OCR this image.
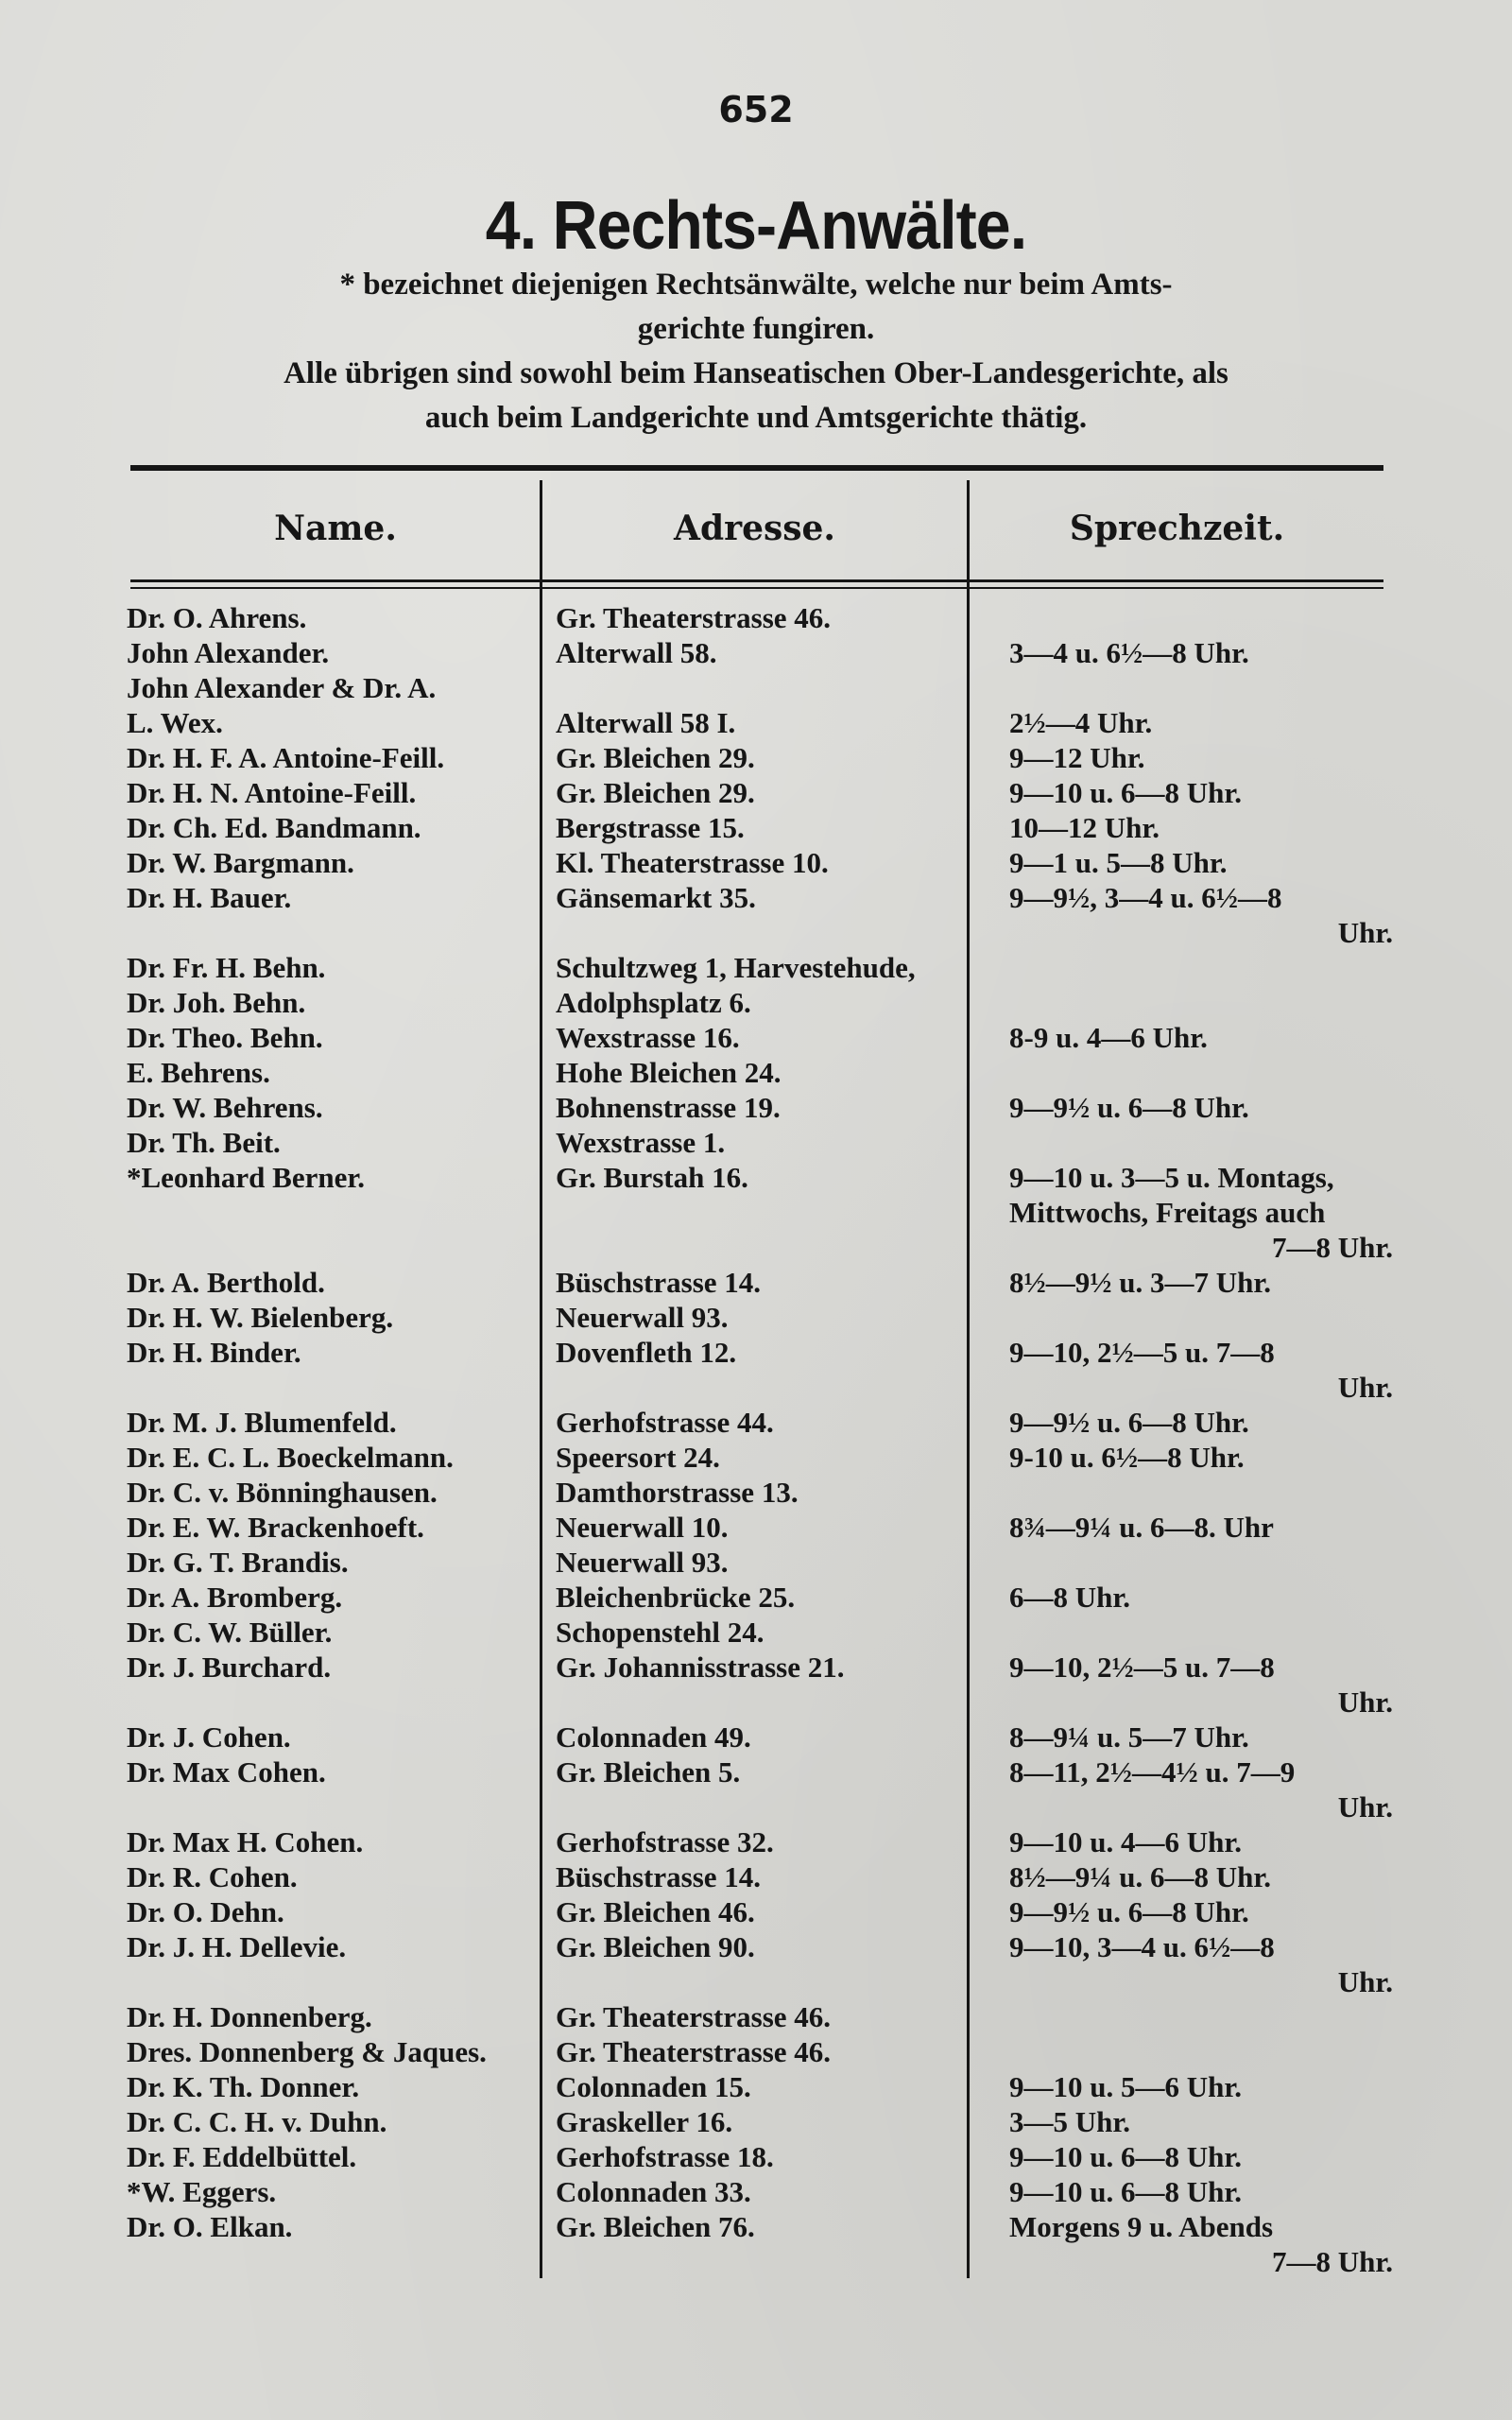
652
4. Rechts-Anwälte.
* bezeichnet diejenigen Rechtsänwälte, welche nur beim Amts-
gerichte fungiren.
Alle übrigen sind sowohl beim Hanseatischen Ober-Landesgerichte, als
auch beim Landgerichte und Amtsgerichte thätig.
Name.	Adresse.	Sprechzeit.
Dr. O. Ahrens.	Gr. Theaterstrasse 46.
John Alexander.	Alterwall 58.	3—4 u. 6½—8 Uhr.
John Alexander & Dr. A.
L. Wex.	Alterwall 58 I.	2½—4 Uhr.
Dr. H. F. A. Antoine-Feill.	Gr. Bleichen 29.	9—12 Uhr.
Dr. H. N. Antoine-Feill.	Gr. Bleichen 29.	9—10 u. 6—8 Uhr.
Dr. Ch. Ed. Bandmann.	Bergstrasse 15.	10—12 Uhr.
Dr. W. Bargmann.	Kl. Theaterstrasse 10.	9—1 u. 5—8 Uhr.
Dr. H. Bauer.	Gänsemarkt 35.	9—9½, 3—4 u. 6½—8
Uhr.
Dr. Fr. H. Behn.	Schultzweg 1, Harvestehude,
Dr. Joh. Behn.	Adolphsplatz 6.
Dr. Theo. Behn.	Wexstrasse 16.	8-9 u. 4—6 Uhr.
E. Behrens.	Hohe Bleichen 24.
Dr. W. Behrens.	Bohnenstrasse 19.	9—9½ u. 6—8 Uhr.
Dr. Th. Beit.	Wexstrasse 1.
*Leonhard Berner.	Gr. Burstah 16.	9—10 u. 3—5 u. Montags,
Mittwochs, Freitags auch
7—8 Uhr.
Dr. A. Berthold.	Büschstrasse 14.	8½—9½ u. 3—7 Uhr.
Dr. H. W. Bielenberg.	Neuerwall 93.
Dr. H. Binder.	Dovenfleth 12.	9—10, 2½—5 u. 7—8
Uhr.
Dr. M. J. Blumenfeld.	Gerhofstrasse 44.	9—9½ u. 6—8 Uhr.
Dr. E. C. L. Boeckelmann.	Speersort 24.	9-10 u. 6½—8 Uhr.
Dr. C. v. Bönninghausen.	Damthorstrasse 13.
Dr. E. W. Brackenhoeft.	Neuerwall 10.	8¾—9¼ u. 6—8. Uhr
Dr. G. T. Brandis.	Neuerwall 93.
Dr. A. Bromberg.	Bleichenbrücke 25.	6—8 Uhr.
Dr. C. W. Büller.	Schopenstehl 24.
Dr. J. Burchard.	Gr. Johannisstrasse 21.	9—10, 2½—5 u. 7—8
Uhr.
Dr. J. Cohen.	Colonnaden 49.	8—9¼ u. 5—7 Uhr.
Dr. Max Cohen.	Gr. Bleichen 5.	8—11, 2½—4½ u. 7—9
Uhr.
Dr. Max H. Cohen.	Gerhofstrasse 32.	9—10 u. 4—6 Uhr.
Dr. R. Cohen.	Büschstrasse 14.	8½—9¼ u. 6—8 Uhr.
Dr. O. Dehn.	Gr. Bleichen 46.	9—9½ u. 6—8 Uhr.
Dr. J. H. Dellevie.	Gr. Bleichen 90.	9—10, 3—4 u. 6½—8
Uhr.
Dr. H. Donnenberg.	Gr. Theaterstrasse 46.
Dres. Donnenberg & Jaques. Gr. Theaterstrasse 46.
Dr. K. Th. Donner.	Colonnaden 15.	9—10 u. 5—6 Uhr.
Dr. C. C. H. v. Duhn.	Graskeller 16.	3—5 Uhr.
Dr. F. Eddelbüttel.	Gerhofstrasse 18.	9—10 u. 6—8 Uhr.
*W. Eggers.	Colonnaden 33.	9—10 u. 6—8 Uhr.
Dr. O. Elkan.	Gr. Bleichen 76.	Morgens 9 u. Abends
7—8 Uhr.
